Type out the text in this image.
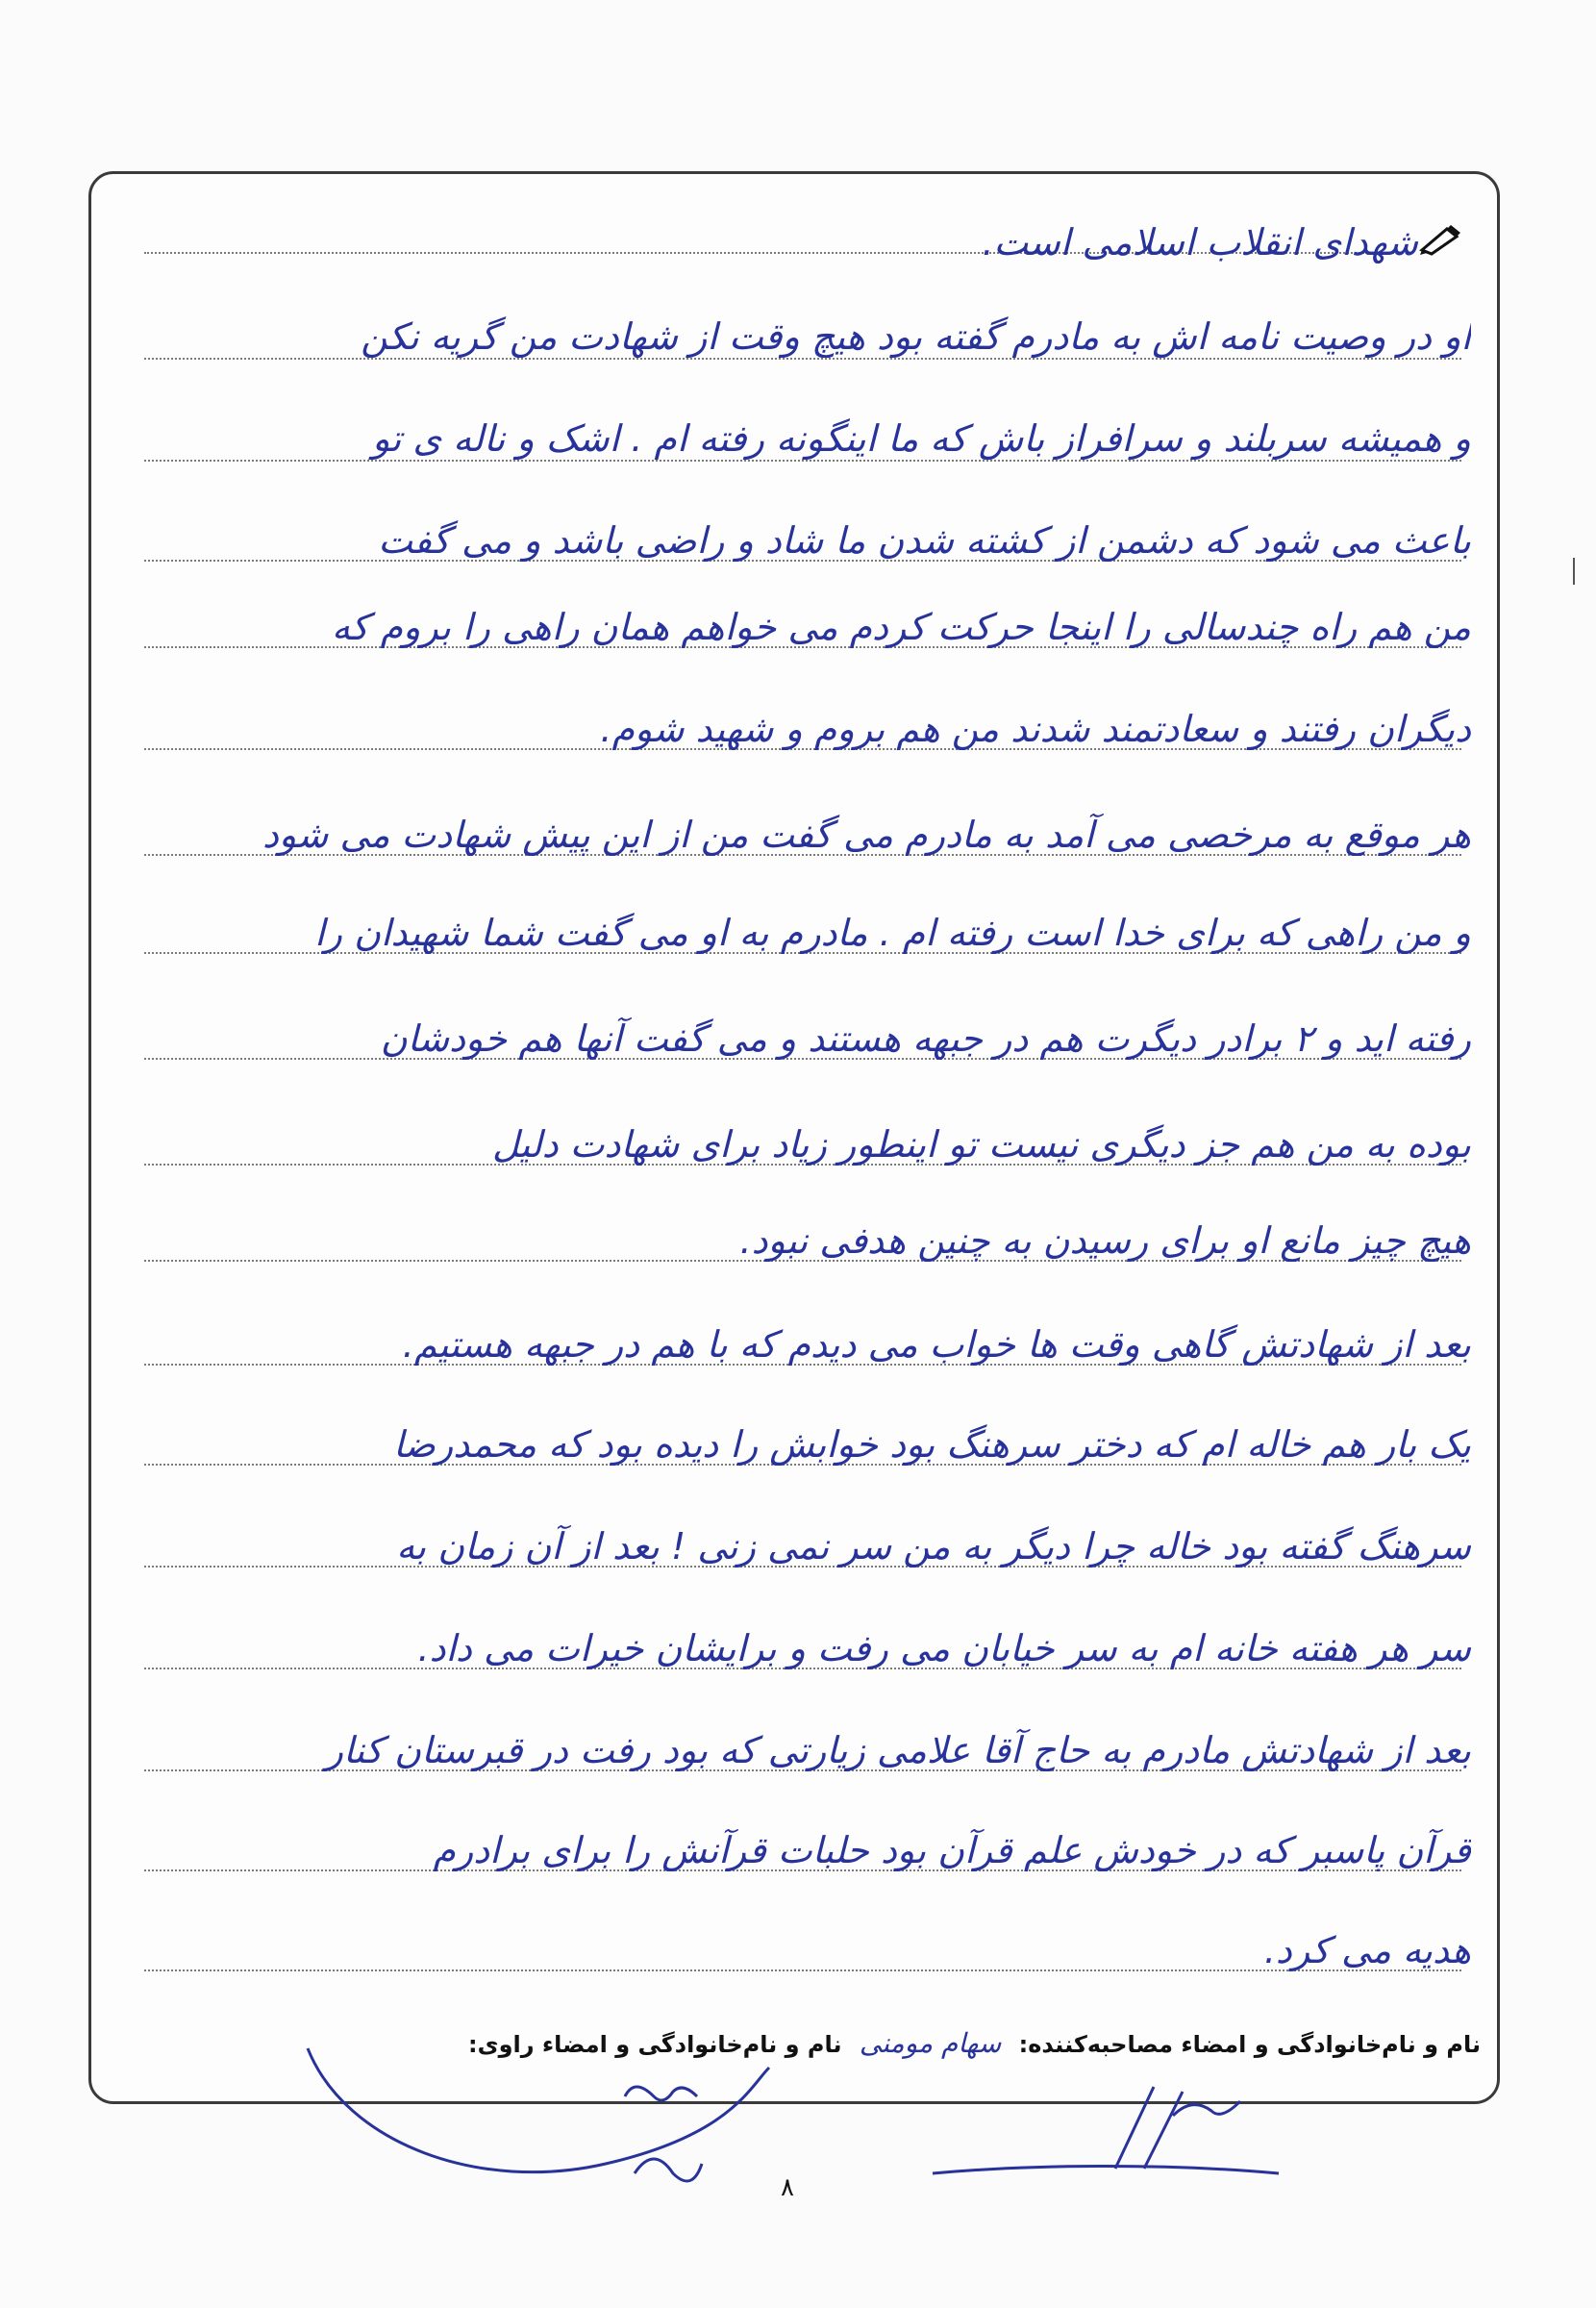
شهدای انقلاب اسلامی است.
او در وصیت نامه اش به مادرم گفته بود هیچ وقت از شهادت من گریه نکن
و همیشه سربلند و سرافراز باش که ما اینگونه رفته ام . اشک و ناله ی تو
باعث می شود که دشمن از کشته شدن ما شاد و راضی باشد و می گفت
من هم راه چندسالی را اینجا حرکت کردم می خواهم همان راهی را بروم که
دیگران رفتند و سعادتمند شدند من هم بروم و شهید شوم.
هر موقع به مرخصی می آمد به مادرم می گفت من از این پیش شهادت می شود
و من راهی که برای خدا است رفته ام . مادرم به او می گفت شما شهیدان را
رفته اید و ۲ برادر دیگرت هم در جبهه هستند و می گفت آنها هم خودشان
بوده به من هم جز دیگری نیست تو اینطور زیاد برای شهادت دلیل
هیچ چیز مانع او برای رسیدن به چنین هدفی نبود.
بعد از شهادتش گاهی وقت ها خواب می دیدم که با هم در جبهه هستیم.
یک بار هم خاله ام که دختر سرهنگ بود خوابش را دیده بود که محمدرضا
سرهنگ گفته بود خاله چرا دیگر به من سر نمی زنی ! بعد از آن زمان به
سر هر هفته خانه ام به سر خیابان می رفت و برایشان خیرات می داد.
بعد از شهادتش مادرم به حاج آقا علامی زیارتی که بود رفت در قبرستان کنار
قرآن پاسبر که در خودش علم قرآن بود حلبات قرآنش را برای برادرم
هدیه می کرد.
نام و نام‌خانوادگی و امضاء مصاحبه‌کننده: سهام مومنی نام و نام‌خانوادگی و امضاء راوی:
۸
